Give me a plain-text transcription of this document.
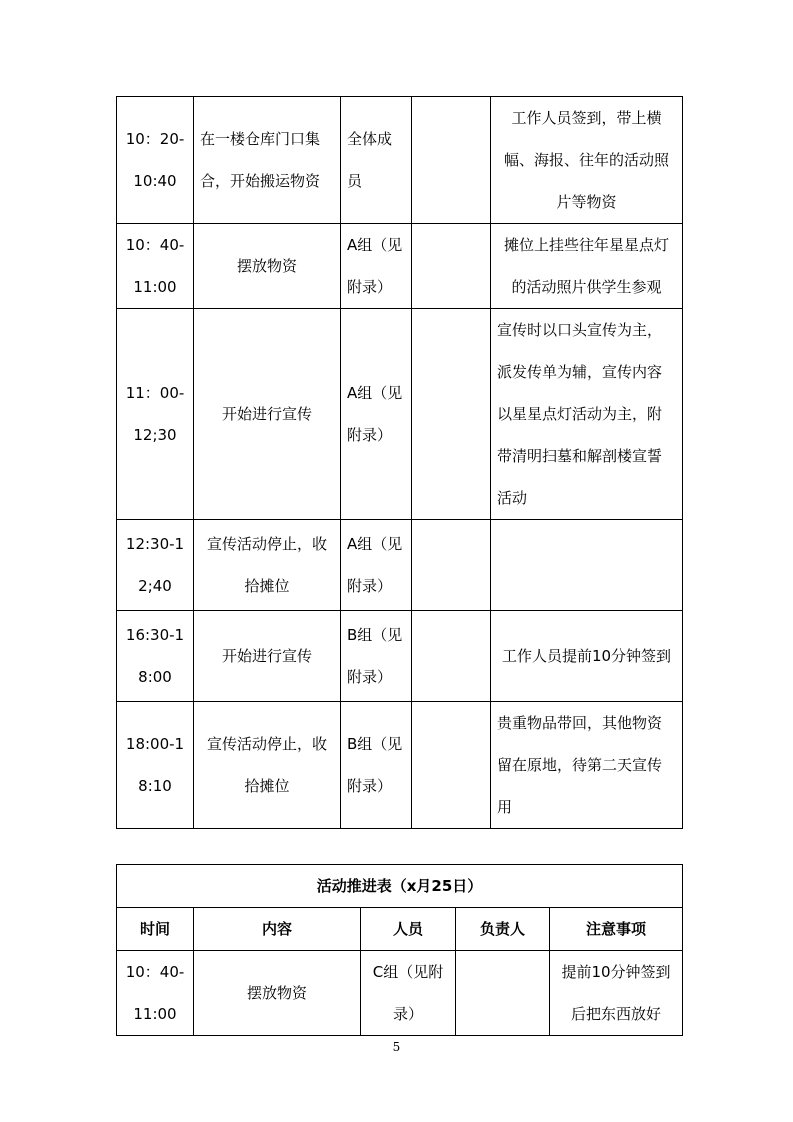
10：20-10:40	在一楼仓库门口集合，开始搬运物资	全体成员		工作人员签到，带上横幅、海报、往年的活动照片等物资
10：40-11:00	摆放物资	A组（见附录）		摊位上挂些往年星星点灯的活动照片供学生参观
11：00-12;30	开始进行宣传	A组（见附录）		宣传时以口头宣传为主，派发传单为辅，宣传内容以星星点灯活动为主，附带清明扫墓和解剖楼宣誓活动
12:30-12;40	宣传活动停止，收拾摊位	A组（见附录）		
16:30-18:00	开始进行宣传	B组（见附录）		工作人员提前10分钟签到
18:00-18:10	宣传活动停止，收拾摊位	B组（见附录）		贵重物品带回，其他物资留在原地，待第二天宣传用
活动推进表（x月25日）				
时间	内容	人员	负责人	注意事项
10：40-11:00	摆放物资	C组（见附录）		提前10分钟签到后把东西放好
5
